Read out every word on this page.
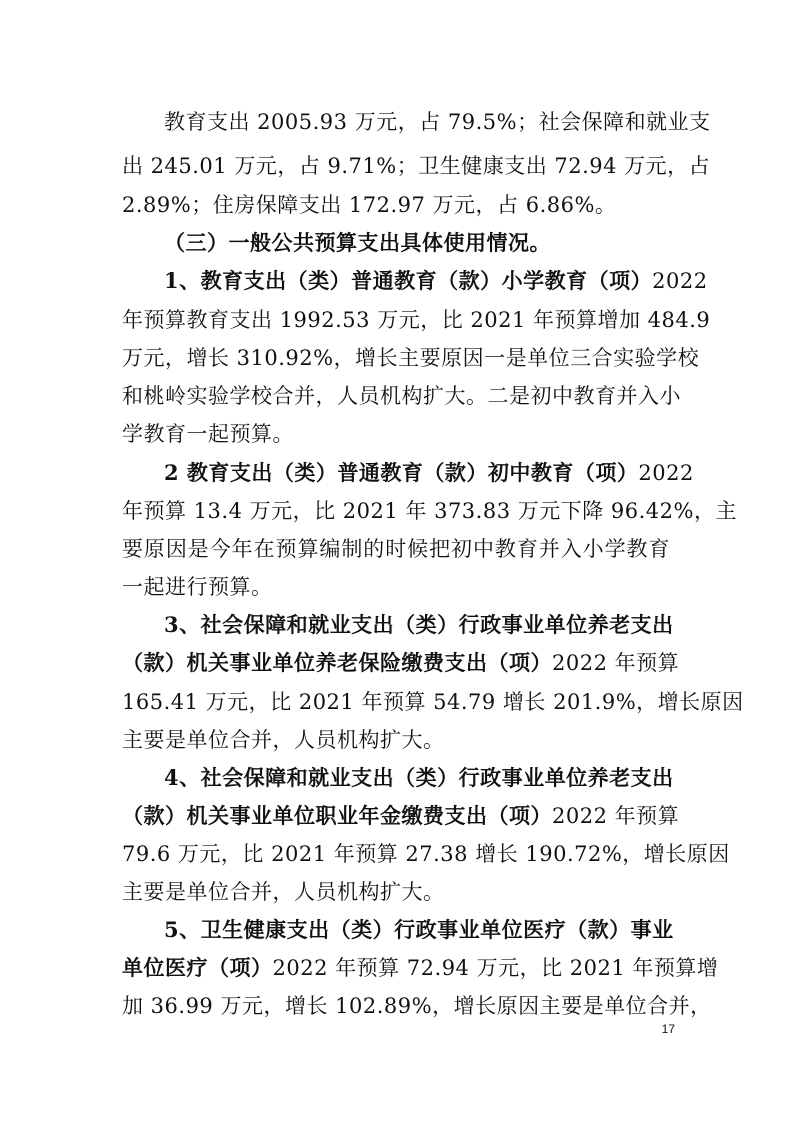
教育支出 2005.93 万元，占 79.5%；社会保障和就业支
出 245.01 万元，占 9.71%；卫生健康支出 72.94 万元，占
2.89%；住房保障支出 172.97 万元，占 6.86%。
（三）一般公共预算支出具体使用情况。
1、教育支出（类）普通教育（款）小学教育（项）2022
年预算教育支出 1992.53 万元，比 2021 年预算增加 484.9
万元，增长 310.92%，增长主要原因一是单位三合实验学校
和桃岭实验学校合并，人员机构扩大。二是初中教育并入小
学教育一起预算。
2 教育支出（类）普通教育（款）初中教育（项）2022
年预算 13.4 万元，比 2021 年 373.83 万元下降 96.42%，主
要原因是今年在预算编制的时候把初中教育并入小学教育
一起进行预算。
3、社会保障和就业支出（类）行政事业单位养老支出
（款）机关事业单位养老保险缴费支出（项）2022 年预算
165.41 万元，比 2021 年预算 54.79 增长 201.9%，增长原因
主要是单位合并，人员机构扩大。
4、社会保障和就业支出（类）行政事业单位养老支出
（款）机关事业单位职业年金缴费支出（项）2022 年预算
79.6 万元，比 2021 年预算 27.38 增长 190.72%，增长原因
主要是单位合并，人员机构扩大。
5、卫生健康支出（类）行政事业单位医疗（款）事业
单位医疗（项）2022 年预算 72.94 万元，比 2021 年预算增
加 36.99 万元，增长 102.89%，增长原因主要是单位合并，
17
